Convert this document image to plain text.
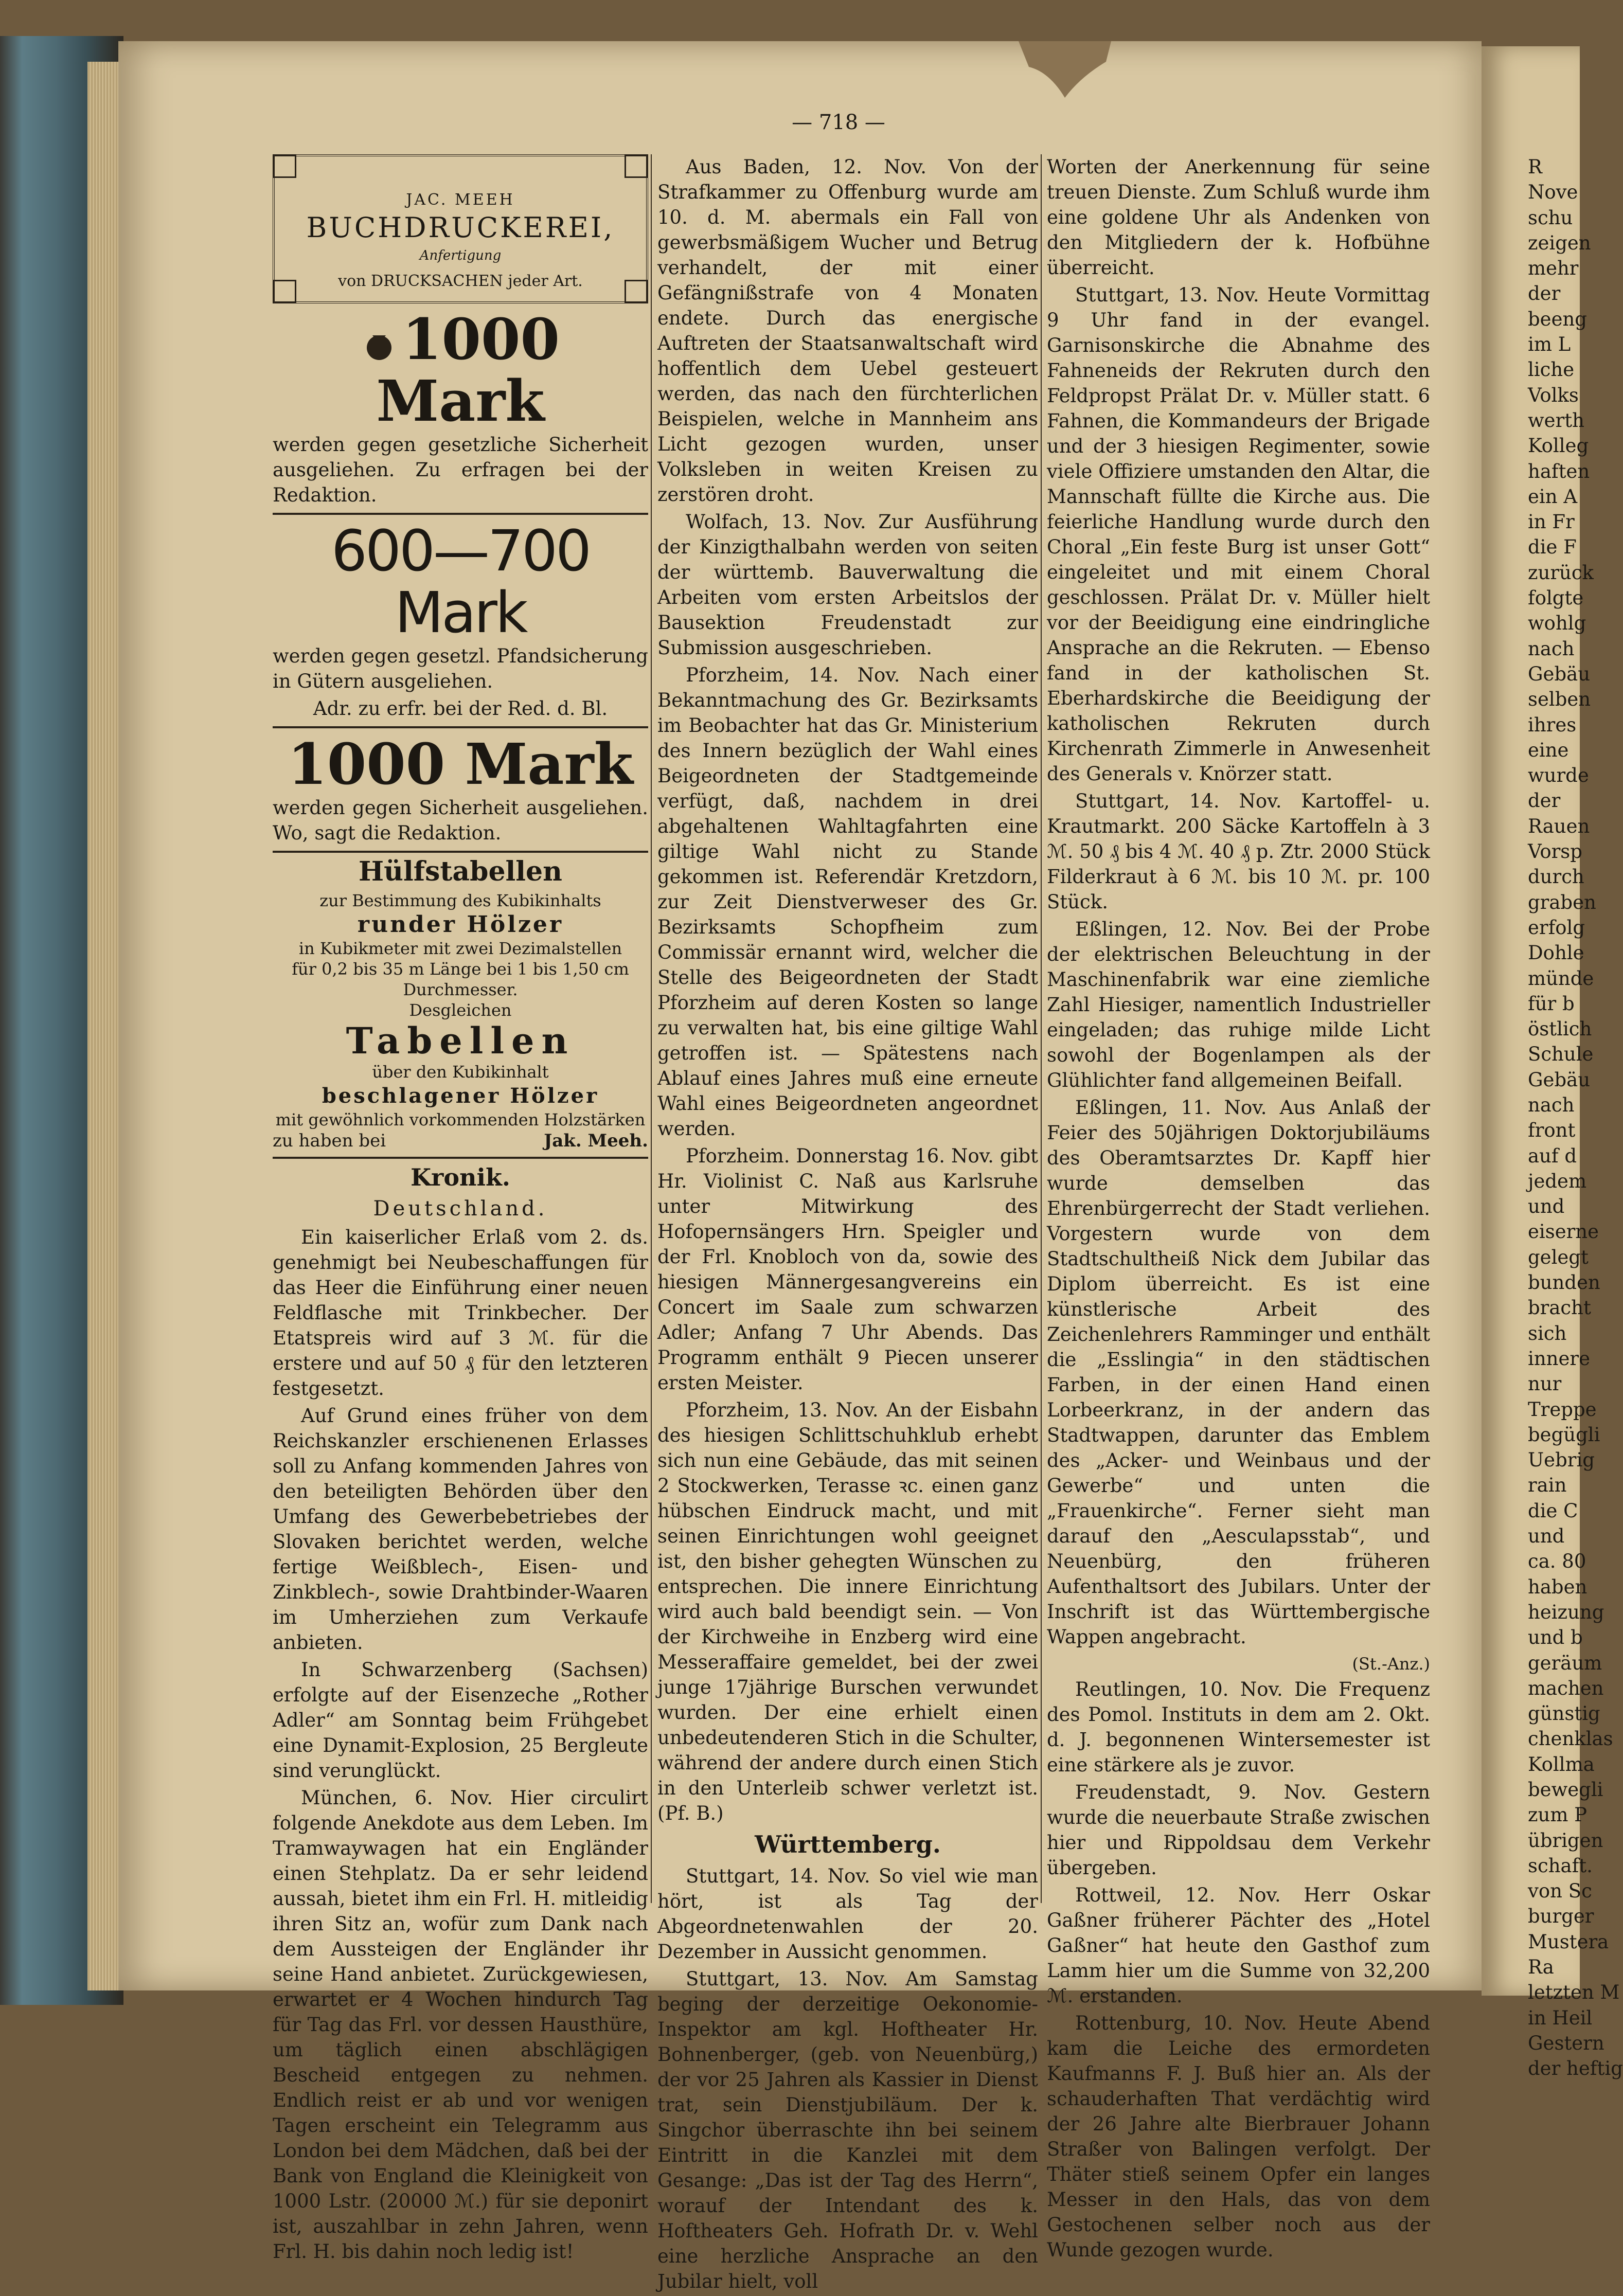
— 718 —
JAC. MEEH
BUCHDRUCKEREI,
Anfertigung
von DRUCKSACHEN jeder Art.
1000 Mark

werden gegen gesetzliche Sicherheit ausgeliehen. Zu erfragen bei der Redaktion.

600—700 Mark

werden gegen gesetzl. Pfandsicherung in Gütern ausgeliehen.

Adr. zu erfr. bei der Red. d. Bl.

1000 Mark

werden gegen Sicherheit ausgeliehen. Wo, sagt die Redaktion.

Hülfstabellen
zur Bestimmung des Kubikinhalts
runder Hölzer
in Kubikmeter mit zwei Dezimalstellen
für 0,2 bis 35 m Länge bei 1 bis 1,50 cm
Durchmesser.
Desgleichen
Tabellen
über den Kubikinhalt
beschlagener Hölzer
mit gewöhnlich vorkommenden Holzstärken
zu haben bei	Jak. Meeh.
Kronik.
Deutschland.

Ein kaiserlicher Erlaß vom 2. ds. genehmigt bei Neubeschaffungen für das Heer die Einführung einer neuen Feldflasche mit Trinkbecher. Der Etatspreis wird auf 3 ℳ. für die erstere und auf 50 ₰ für den letzteren festgesetzt.

Auf Grund eines früher von dem Reichskanzler erschienenen Erlasses soll zu Anfang kommenden Jahres von den beteiligten Behörden über den Umfang des Gewerbebetriebes der Slovaken berichtet werden, welche fertige Weißblech-, Eisen- und Zinkblech-, sowie Drahtbinder-Waaren im Umherziehen zum Verkaufe anbieten.

In Schwarzenberg (Sachsen) erfolgte auf der Eisenzeche „Rother Adler“ am Sonntag beim Frühgebet eine Dynamit-Explosion, 25 Bergleute sind verunglückt.

München, 6. Nov. Hier circulirt folgende Anekdote aus dem Leben. Im Tramwaywagen hat ein Engländer einen Stehplatz. Da er sehr leidend aussah, bietet ihm ein Frl. H. mitleidig ihren Sitz an, wofür zum Dank nach dem Aussteigen der Engländer ihr seine Hand anbietet. Zurückgewiesen, erwartet er 4 Wochen hindurch Tag für Tag das Frl. vor dessen Hausthüre, um täglich einen abschlägigen Bescheid entgegen zu nehmen. Endlich reist er ab und vor wenigen Tagen erscheint ein Telegramm aus London bei dem Mädchen, daß bei der Bank von England die Kleinigkeit von 1000 Lstr. (20000 ℳ.) für sie deponirt ist, auszahlbar in zehn Jahren, wenn Frl. H. bis dahin noch ledig ist!

Aus Baden, 12. Nov. Von der Strafkammer zu Offenburg wurde am 10. d. M. abermals ein Fall von gewerbsmäßigem Wucher und Betrug verhandelt, der mit einer Gefängnißstrafe von 4 Monaten endete. Durch das energische Auftreten der Staatsanwaltschaft wird hoffentlich dem Uebel gesteuert werden, das nach den fürchterlichen Beispielen, welche in Mannheim ans Licht gezogen wurden, unser Volksleben in weiten Kreisen zu zerstören droht.

Wolfach, 13. Nov. Zur Ausführung der Kinzigthalbahn werden von seiten der württemb. Bauverwaltung die Arbeiten vom ersten Arbeitslos der Bausektion Freudenstadt zur Submission ausgeschrieben.

Pforzheim, 14. Nov. Nach einer Bekanntmachung des Gr. Bezirksamts im Beobachter hat das Gr. Ministerium des Innern bezüglich der Wahl eines Beigeordneten der Stadtgemeinde verfügt, daß, nachdem in drei abgehaltenen Wahltagfahrten eine giltige Wahl nicht zu Stande gekommen ist. Referendär Kretzdorn, zur Zeit Dienstverweser des Gr. Bezirksamts Schopfheim zum Commissär ernannt wird, welcher die Stelle des Beigeordneten der Stadt Pforzheim auf deren Kosten so lange zu verwalten hat, bis eine giltige Wahl getroffen ist. — Spätestens nach Ablauf eines Jahres muß eine erneute Wahl eines Beigeordneten angeordnet werden.

Pforzheim. Donnerstag 16. Nov. gibt Hr. Violinist C. Naß aus Karlsruhe unter Mitwirkung des Hofopernsängers Hrn. Speigler und der Frl. Knobloch von da, sowie des hiesigen Männergesangvereins ein Concert im Saale zum schwarzen Adler; Anfang 7 Uhr Abends. Das Programm enthält 9 Piecen unserer ersten Meister.

Pforzheim, 13. Nov. An der Eisbahn des hiesigen Schlittschuhklub erhebt sich nun eine Gebäude, das mit seinen 2 Stockwerken, Terasse ꝛc. einen ganz hübschen Eindruck macht, und mit seinen Einrichtungen wohl geeignet ist, den bisher gehegten Wünschen zu entsprechen. Die innere Einrichtung wird auch bald beendigt sein. — Von der Kirchweihe in Enzberg wird eine Messeraffaire gemeldet, bei der zwei junge 17jährige Burschen verwundet wurden. Der eine erhielt einen unbedeutenderen Stich in die Schulter, während der andere durch einen Stich in den Unterleib schwer verletzt ist. (Pf. B.)

Württemberg.

Stuttgart, 14. Nov. So viel wie man hört, ist als Tag der Abgeordnetenwahlen der 20. Dezember in Aussicht genommen.

Stuttgart, 13. Nov. Am Samstag beging der derzeitige Oekonomie-Inspektor am kgl. Hoftheater Hr. Bohnenberger, (geb. von Neuenbürg,) der vor 25 Jahren als Kassier in Dienst trat, sein Dienstjubiläum. Der k. Singchor überraschte ihn bei seinem Eintritt in die Kanzlei mit dem Gesange: „Das ist der Tag des Herrn“, worauf der Intendant des k. Hoftheaters Geh. Hofrath Dr. v. Wehl eine herzliche Ansprache an den Jubilar hielt, voll

Worten der Anerkennung für seine treuen Dienste. Zum Schluß wurde ihm eine goldene Uhr als Andenken von den Mitgliedern der k. Hofbühne überreicht.

Stuttgart, 13. Nov. Heute Vormittag 9 Uhr fand in der evangel. Garnisonskirche die Abnahme des Fahneneids der Rekruten durch den Feldpropst Prälat Dr. v. Müller statt. 6 Fahnen, die Kommandeurs der Brigade und der 3 hiesigen Regimenter, sowie viele Offiziere umstanden den Altar, die Mannschaft füllte die Kirche aus. Die feierliche Handlung wurde durch den Choral „Ein feste Burg ist unser Gott“ eingeleitet und mit einem Choral geschlossen. Prälat Dr. v. Müller hielt vor der Beeidigung eine eindringliche Ansprache an die Rekruten. — Ebenso fand in der katholischen St. Eberhardskirche die Beeidigung der katholischen Rekruten durch Kirchenrath Zimmerle in Anwesenheit des Generals v. Knörzer statt.

Stuttgart, 14. Nov. Kartoffel- u. Krautmarkt. 200 Säcke Kartoffeln à 3 ℳ. 50 ₰ bis 4 ℳ. 40 ₰ p. Ztr. 2000 Stück Filderkraut à 6 ℳ. bis 10 ℳ. pr. 100 Stück.

Eßlingen, 12. Nov. Bei der Probe der elektrischen Beleuchtung in der Maschinenfabrik war eine ziemliche Zahl Hiesiger, namentlich Industrieller eingeladen; das ruhige milde Licht sowohl der Bogenlampen als der Glühlichter fand allgemeinen Beifall.

Eßlingen, 11. Nov. Aus Anlaß der Feier des 50jährigen Doktorjubiläums des Oberamtsarztes Dr. Kapff hier wurde demselben das Ehrenbürgerrecht der Stadt verliehen. Vorgestern wurde von dem Stadtschultheiß Nick dem Jubilar das Diplom überreicht. Es ist eine künstlerische Arbeit des Zeichenlehrers Ramminger und enthält die „Esslingia“ in den städtischen Farben, in der einen Hand einen Lorbeerkranz, in der andern das Stadtwappen, darunter das Emblem des „Acker- und Weinbaus und der Gewerbe“ und unten die „Frauenkirche“. Ferner sieht man darauf den „Aesculapsstab“, und Neuenbürg, den früheren Aufenthaltsort des Jubilars. Unter der Inschrift ist das Württembergische Wappen angebracht.

(St.-Anz.)

Reutlingen, 10. Nov. Die Frequenz des Pomol. Instituts in dem am 2. Okt. d. J. begonnenen Wintersemester ist eine stärkere als je zuvor.

Freudenstadt, 9. Nov. Gestern wurde die neuerbaute Straße zwischen hier und Rippoldsau dem Verkehr übergeben.

Rottweil, 12. Nov. Herr Oskar Gaßner früherer Pächter des „Hotel Gaßner“ hat heute den Gasthof zum Lamm hier um die Summe von 32,200 ℳ. erstanden.

Rottenburg, 10. Nov. Heute Abend kam die Leiche des ermordeten Kaufmanns F. J. Buß hier an. Als der schauderhaften That verdächtig wird der 26 Jahre alte Bierbrauer Johann Straßer von Balingen verfolgt. Der Thäter stieß seinem Opfer ein langes Messer in den Hals, das von dem Gestochenen selber noch aus der Wunde gezogen wurde.

R
Nove
schu
zeigen
mehr
der
beeng
im L
liche
Volks
werth
Kolleg
haften
ein A
in Fr
die F
zurück
folgte
wohlg
nach
Gebäu
selben
ihres
eine
wurde
der
Rauen
Vorsp
durch
graben
erfolg
Dohle
münde
für b
östlich
Schule
Gebäu
nach
front
auf d
jedem
und
eiserne
gelegt
bunden
bracht
sich
innere
nur
Treppe
begügli
Uebrig
rain
die C
und
ca. 80
haben
heizung
und b
geräum
machen
günstig
chenklas
Kollma
bewegli
zum P
übrigen
schaft.
von Sc
burger
Mustera
Ra
letzten M
in Heil
Gestern
der heftig
